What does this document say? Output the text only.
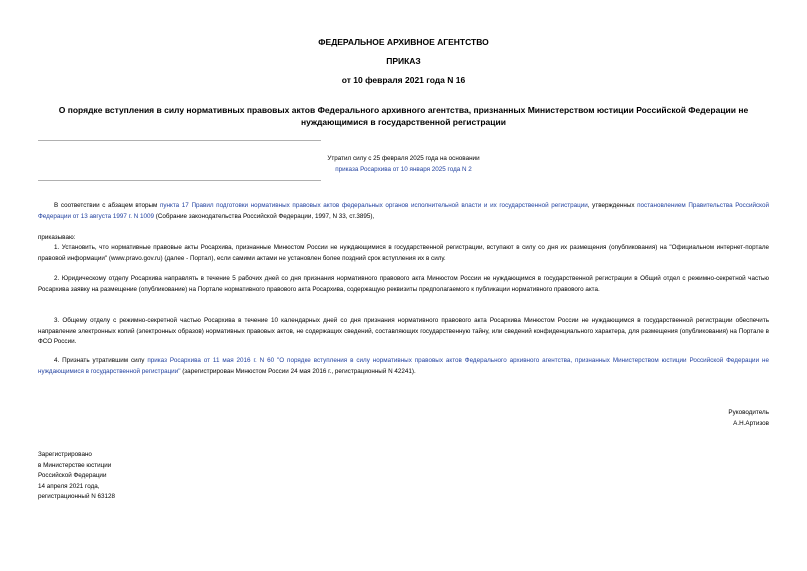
ФЕДЕРАЛЬНОЕ АРХИВНОЕ АГЕНТСТВО
ПРИКАЗ
от 10 февраля 2021 года N 16
О порядке вступления в силу нормативных правовых актов Федерального архивного агентства, признанных Министерством юстиции Российской Федерации не нуждающимися в государственной регистрации
Утратил силу с 25 февраля 2025 года на основании
приказа Росархива от 10 января 2025 года N 2
В соответствии с абзацем вторым пункта 17 Правил подготовки нормативных правовых актов федеральных органов исполнительной власти и их государственной регистрации, утвержденных постановлением Правительства Российской Федерации от 13 августа 1997 г. N 1009 (Собрание законодательства Российской Федерации, 1997, N 33, ст.3895),
приказываю:
1. Установить, что нормативные правовые акты Росархива, признанные Минюстом России не нуждающимися в государственной регистрации, вступают в силу со дня их размещения (опубликования) на "Официальном интернет-портале правовой информации" (www.pravo.gov.ru) (далее - Портал), если самими актами не установлен более поздний срок вступления их в силу.
2. Юридическому отделу Росархива направлять в течение 5 рабочих дней со дня признания нормативного правового акта Минюстом России не нуждающимся в государственной регистрации в Общий отдел с режимно-секретной частью Росархива заявку на размещение (опубликование) на Портале нормативного правового акта Росархива, содержащую реквизиты предполагаемого к публикации нормативного правового акта.
3. Общему отделу с режимно-секретной частью Росархива в течение 10 календарных дней со дня признания нормативного правового акта Росархива Минюстом России не нуждающимся в государственной регистрации обеспечить направление электронных копий (электронных образов) нормативных правовых актов, не содержащих сведений, составляющих государственную тайну, или сведений конфиденциального характера, для размещения (опубликования) на Портале в ФСО России.
4. Признать утратившим силу приказ Росархива от 11 мая 2016 г. N 60 "О порядке вступления в силу нормативных правовых актов Федерального архивного агентства, признанных Министерством юстиции Российской Федерации не нуждающимися в государственной регистрации" (зарегистрирован Минюстом России 24 мая 2016 г., регистрационный N 42241).
Руководитель
А.Н.Артизов
Зарегистрировано
в Министерстве юстиции
Российской Федерации
14 апреля 2021 года,
регистрационный N 63128
